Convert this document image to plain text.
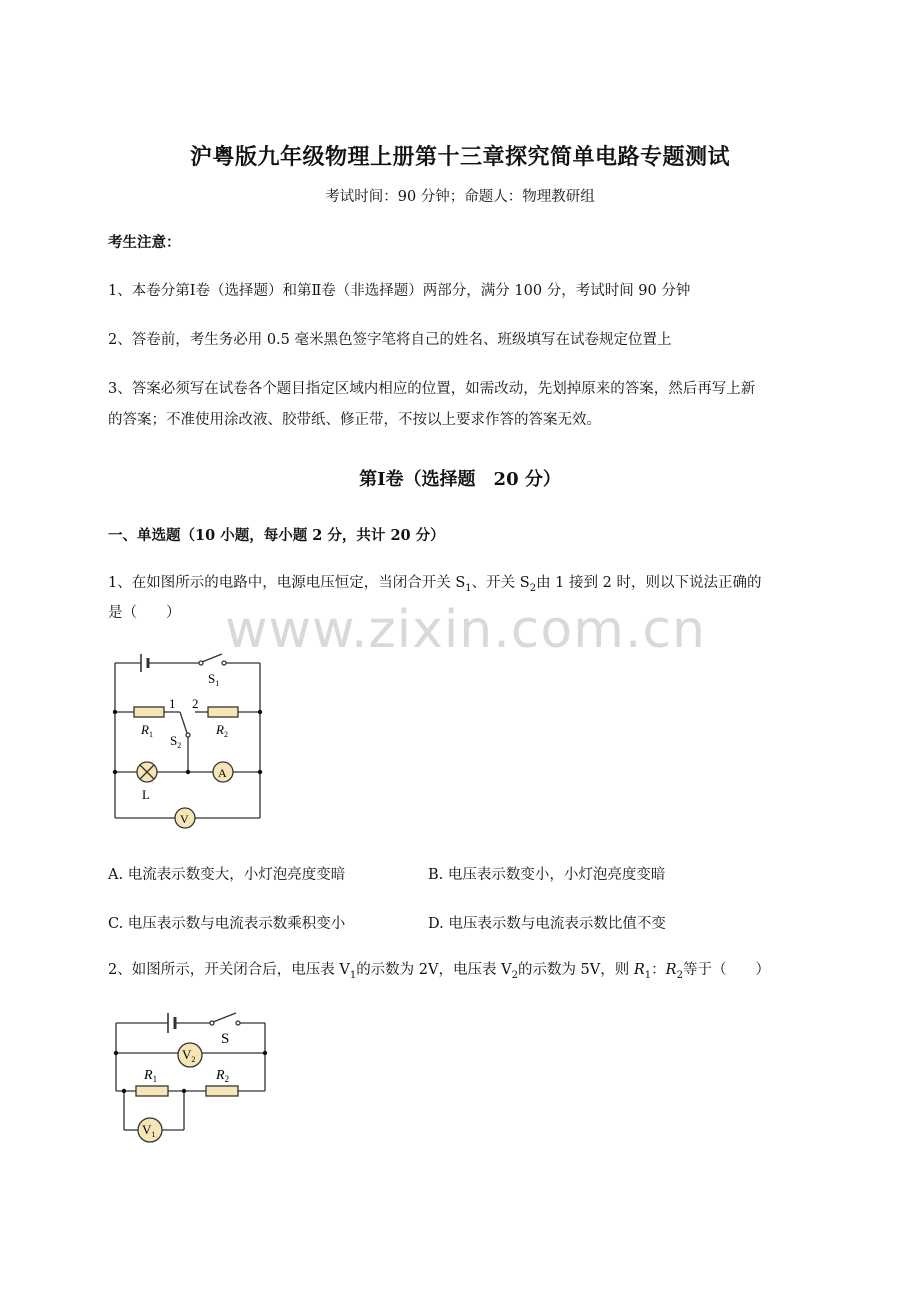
www.zixin.com.cn
沪粤版九年级物理上册第十三章探究简单电路专题测试
考试时间：90 分钟；命题人：物理教研组
考生注意：
1、本卷分第Ⅰ卷（选择题）和第Ⅱ卷（非选择题）两部分，满分 100 分，考试时间 90 分钟
2、答卷前，考生务必用 0.5 毫米黑色签字笔将自己的姓名、班级填写在试卷规定位置上
3、答案必须写在试卷各个题目指定区域内相应的位置，如需改动，先划掉原来的答案，然后再写上新
的答案；不准使用涂改液、胶带纸、修正带，不按以上要求作答的答案无效。
第Ⅰ卷（选择题　20 分）
一、单选题（10 小题，每小题 2 分，共计 20 分）
1、在如图所示的电路中，电源电压恒定，当闭合开关 $S_1$、开关 $S_2$由 1 接到 2 时，则以下说法正确的
是（　　）
$S_1$
1 2
$R_1$	$R_2$
$S_2$
L
A
V
A. 电流表示数变大，小灯泡亮度变暗	B. 电压表示数变小，小灯泡亮度变暗
C. 电压表示数与电流表示数乘积变小	D. 电压表示数与电流表示数比值不变
2、如图所示，开关闭合后，电压表 $V_1$的示数为 2V，电压表 $V_2$的示数为 5V，则 $R_1$：$R_2$等于（　　）
S
$V_2$
$R_1$	$R_2$
$V_1$
